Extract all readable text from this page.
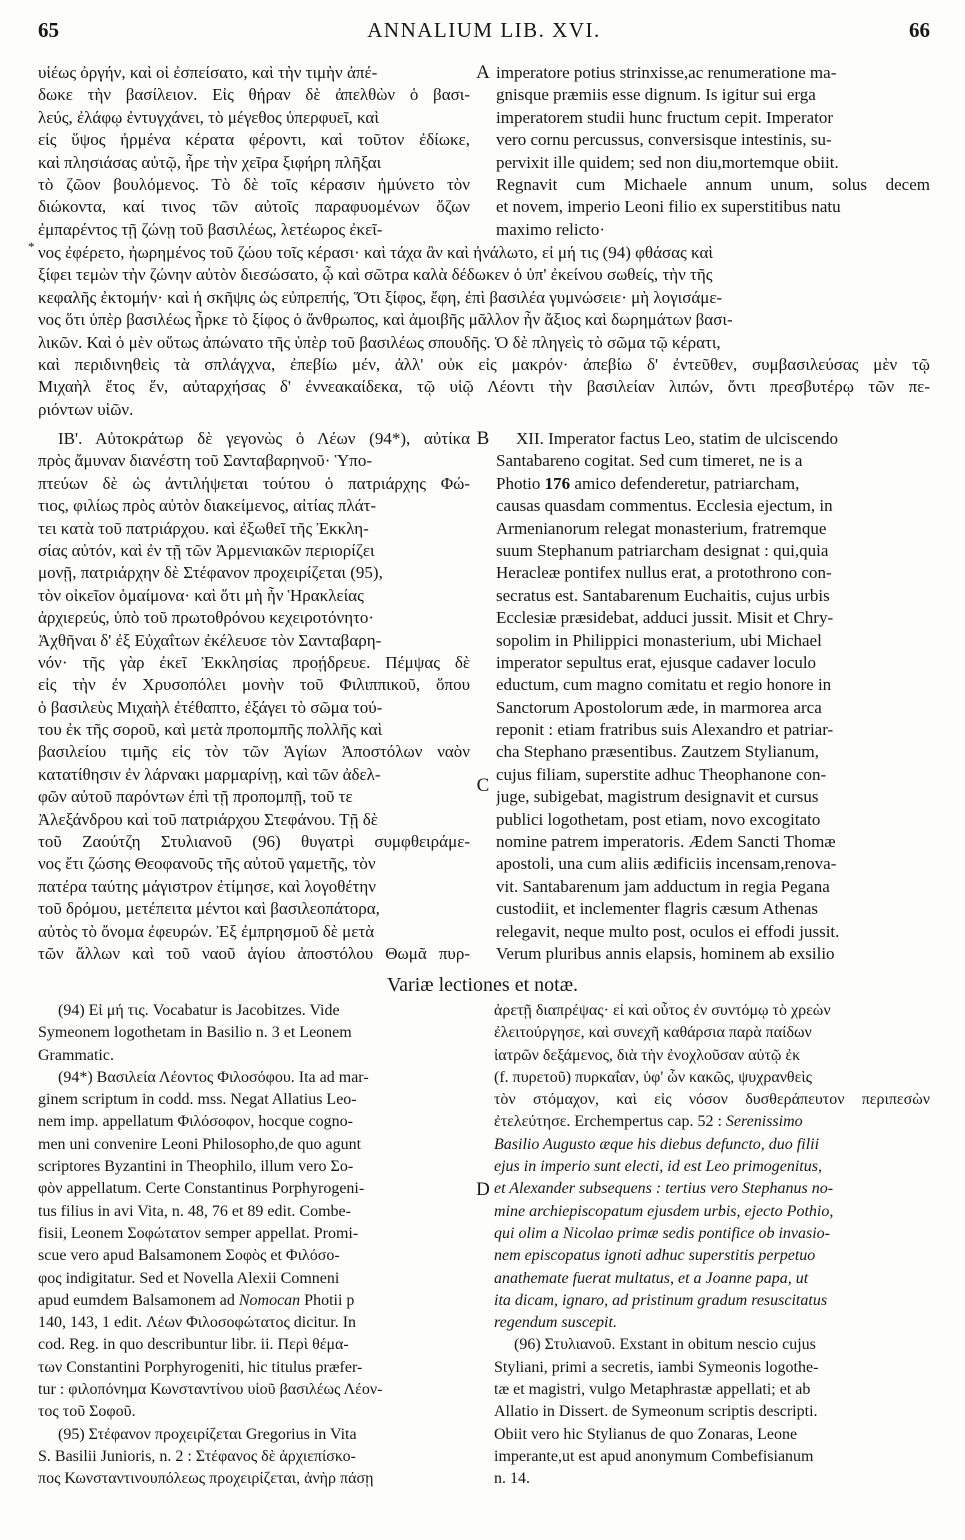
65	ANNALIUM LIB. XVI.	66
A
υἱέως ὀργήν, καὶ οἱ ἐσπείσατο, καὶ τὴν τιμὴν ἀπέ-
δωκε τὴν βασίλειον. Εἰς θήραν δὲ ἀπελθὼν ὁ βασι-
λεύς, ἐλάφῳ ἐντυγχάνει, τὸ μέγεθος ὑπερφυεῖ, καὶ
εἰς ὕψος ἠρμένα κέρατα φέροντι, καὶ τοῦτον ἐδίωκε,
καὶ πλησιάσας αὐτῷ, ἦρε τὴν χεῖρα ξιφήρη πλῆξαι
τὸ ζῶον βουλόμενος. Τὸ δὲ τοῖς κέρασιν ἠμύνετο τὸν
διώκοντα, καί τινος τῶν αὐτοῖς παραφυομένων ὄζων
ἐμπαρέντος τῇ ζώνῃ τοῦ βασιλέως, λετέωρος ἐκεῖ-
imperatore potius strinxisse,ac renumeratione ma-
gnisque præmiis esse dignum. Is igitur sui erga
imperatorem studii hunc fructum cepit. Imperator
vero cornu percussus, conversisque intestinis, su-
pervixit ille quidem; sed non diu,mortemque obiit.
Regnavit cum Michaele annum unum, solus decem
et novem, imperio Leoni filio ex superstitibus natu
maximo relicto·
* νος ἐφέρετο, ἠωρημένος τοῦ ζώου τοῖς κέρασι· καὶ τάχα ἂν καὶ ἠνάλωτο, εἰ μή τις (94) φθάσας καὶ
ξίφει τεμὼν τὴν ζώνην αὐτὸν διεσώσατο, ᾧ καὶ σῶτρα καλὰ δέδωκεν ὁ ὑπ' ἐκείνου σωθείς, τὴν τῆς
κεφαλῆς ἐκτομήν· καὶ ἡ σκῆψις ὡς εὐπρεπής, Ὅτι ξίφος, ἔφη, ἐπὶ βασιλέα γυμνώσειε· μὴ λογισάμε-
νος ὅτι ὑπὲρ βασιλέως ἦρκε τὸ ξίφος ὁ ἄνθρωπος, καὶ ἀμοιβῆς μᾶλλον ἦν ἄξιος καὶ δωρημάτων βασι-
λικῶν. Καὶ ὁ μὲν οὕτως ἀπώνατο τῆς ὑπὲρ τοῦ βασιλέως σπουδῆς. Ὁ δὲ πληγεὶς τὸ σῶμα τῷ κέρατι,
καὶ περιδινηθεὶς τὰ σπλάγχνα, ἐπεβίω μέν, ἀλλ' οὐκ εἰς μακρόν· ἀπεβίω δ' ἐντεῦθεν, συμβασιλεύσας μὲν τῷ
Μιχαὴλ ἔτος ἕν, αὐταρχήσας δ' ἐννεακαίδεκα, τῷ υἱῷ Λέοντι τὴν βασιλείαν λιπών, ὄντι πρεσβυτέρῳ τῶν πε-
ριόντων υἱῶν.
B
C
ΙΒ'. Αὐτοκράτωρ δὲ γεγονὼς ὁ Λέων (94*), αὐτίκα
πρὸς ἄμυναν διανέστη τοῦ Σανταβαρηνοῦ· Ὑπο-
πτεύων δὲ ὡς ἀντιλήψεται τούτου ὁ πατριάρχης Φώ-
τιος, φιλίως πρὸς αὐτὸν διακείμενος, αἰτίας πλάτ-
τει κατὰ τοῦ πατριάρχου. καὶ ἐξωθεῖ τῆς Ἐκκλη-
σίας αὐτόν, καὶ ἐν τῇ τῶν Ἀρμενιακῶν περιορίζει
μονῇ, πατριάρχην δὲ Στέφανον προχειρίζεται (95),
τὸν οἰκεῖον ὁμαίμονα· καὶ ὅτι μὴ ἦν Ἡρακλείας
ἀρχιερεύς, ὑπὸ τοῦ πρωτοθρόνου κεχειροτόνητο·
Ἀχθῆναι δ' ἐξ Εὐχαΐτων ἐκέλευσε τὸν Σανταβαρη-
νόν· τῆς γὰρ ἐκεῖ Ἐκκλησίας προῄδρευε. Πέμψας δὲ
εἰς τὴν ἐν Χρυσοπόλει μονὴν τοῦ Φιλιππικοῦ, ὅπου
ὁ βασιλεὺς Μιχαὴλ ἐτέθαπτο, ἐξάγει τὸ σῶμα τού-
του ἐκ τῆς σοροῦ, καὶ μετὰ προπομπῆς πολλῆς καὶ
βασιλείου τιμῆς εἰς τὸν τῶν Ἁγίων Ἀποστόλων ναὸν
κατατίθησιν ἐν λάρνακι μαρμαρίνῃ, καὶ τῶν ἀδελ-
φῶν αὐτοῦ παρόντων ἐπὶ τῇ προπομπῇ, τοῦ τε
Ἀλεξάνδρου καὶ τοῦ πατριάρχου Στεφάνου. Τῇ δὲ
τοῦ Ζαούτζη Στυλιανοῦ (96) θυγατρὶ συμφθειράμε-
νος ἔτι ζώσης Θεοφανοῦς τῆς αὐτοῦ γαμετῆς, τὸν
πατέρα ταύτης μάγιστρον ἐτίμησε, καὶ λογοθέτην
τοῦ δρόμου, μετέπειτα μέντοι καὶ βασιλεοπάτορα,
αὐτὸς τὸ ὄνομα ἐφευρών. Ἐξ ἐμπρησμοῦ δὲ μετὰ
τῶν ἄλλων καὶ τοῦ ναοῦ ἁγίου ἀποστόλου Θωμᾶ πυρ-
XII. Imperator factus Leo, statim de ulciscendo
Santabareno cogitat. Sed cum timeret, ne is a
Photio 176 amico defenderetur, patriarcham,
causas quasdam commentus. Ecclesia ejectum, in
Armenianorum relegat monasterium, fratremque
suum Stephanum patriarcham designat : qui,quia
Heracleæ pontifex nullus erat, a protothrono con-
secratus est. Santabarenum Euchaitis, cujus urbis
Ecclesiæ præsidebat, adduci jussit. Misit et Chry-
sopolim in Philippici monasterium, ubi Michael
imperator sepultus erat, ejusque cadaver loculo
eductum, cum magno comitatu et regio honore in
Sanctorum Apostolorum æde, in marmorea arca
reponit : etiam fratribus suis Alexandro et patriar-
cha Stephano præsentibus. Zautzem Stylianum,
cujus filiam, superstite adhuc Theophanone con-
juge, subigebat, magistrum designavit et cursus
publici logothetam, post etiam, novo excogitato
nomine patrem imperatoris. Ædem Sancti Thomæ
apostoli, una cum aliis ædificiis incensam,renova-
vit. Santabarenum jam adductum in regia Pegana
custodiit, et inclementer flagris cæsum Athenas
relegavit, neque multo post, oculos ei effodi jussit.
Verum pluribus annis elapsis, hominem ab exsilio
Variæ lectiones et notæ.
D
(94) Εἰ μή τις. Vocabatur is Jacobitzes. Vide
Symeonem logothetam in Basilio n. 3 et Leonem
Grammatic.
(94*) Βασιλεία Λέοντος Φιλοσόφου. Ita ad mar-
ginem scriptum in codd. mss. Negat Allatius Leo-
nem imp. appellatum Φιλόσοφον, hocque cogno-
men uni convenire Leoni Philosopho,de quo agunt
scriptores Byzantini in Theophilo, illum vero Σο-
φὸν appellatum. Certe Constantinus Porphyrogeni-
tus filius in avi Vita, n. 48, 76 et 89 edit. Combe-
fisii, Leonem Σοφώτατον semper appellat. Promi-
scue vero apud Balsamonem Σοφὸς et Φιλόσο-
φος indigitatur. Sed et Novella Alexii Comneni
apud eumdem Balsamonem ad Nomocan Photii p
140, 143, 1 edit. Λέων Φιλοσοφώτατος dicitur. In
cod. Reg. in quo describuntur libr. ii. Περὶ θέμα-
των Constantini Porphyrogeniti, hic titulus præfer-
tur : φιλοπόνημα Κωνσταντίνου υἱοῦ βασιλέως Λέον-
τος τοῦ Σοφοῦ.
(95) Στέφανον προχειρίζεται Gregorius in Vita
S. Basilii Junioris, n. 2 : Στέφανος δὲ ἀρχιεπίσκο-
πος Κωνσταντινουπόλεως προχειρίζεται, ἀνὴρ πάσῃ
ἀρετῇ διαπρέψας· εἰ καὶ οὗτος ἐν συντόμῳ τὸ χρεὼν
ἐλειτούργησε, καὶ συνεχῆ καθάρσια παρὰ παίδων
ἰατρῶν δεξάμενος, διὰ τὴν ἐνοχλοῦσαν αὐτῷ ἐκ
(f. πυρετοῦ) πυρκαΐαν, ὑφ' ὧν κακῶς, ψυχρανθεὶς
τὸν στόμαχον, καὶ εἰς νόσον δυσθεράπευτον περιπεσὼν
ἐτελεύτησε. Erchempertus cap. 52 : Serenissimo
Basilio Augusto æque his diebus defuncto, duo filii
ejus in imperio sunt electi, id est Leo primogenitus,
et Alexander subsequens : tertius vero Stephanus no-
mine archiepiscopatum ejusdem urbis, ejecto Pothio,
qui olim a Nicolao primæ sedis pontifice ob invasio-
nem episcopatus ignoti adhuc superstitis perpetuo
anathemate fuerat multatus, et a Joanne papa, ut
ita dicam, ignaro, ad pristinum gradum resuscitatus
regendum suscepit.
(96) Στυλιανοῦ. Exstant in obitum nescio cujus
Styliani, primi a secretis, iambi Symeonis logothe-
tæ et magistri, vulgo Metaphrastæ appellati; et ab
Allatio in Dissert. de Symeonum scriptis descripti.
Obiit vero hic Stylianus de quo Zonaras, Leone
imperante,ut est apud anonymum Combefisianum
n. 14.
